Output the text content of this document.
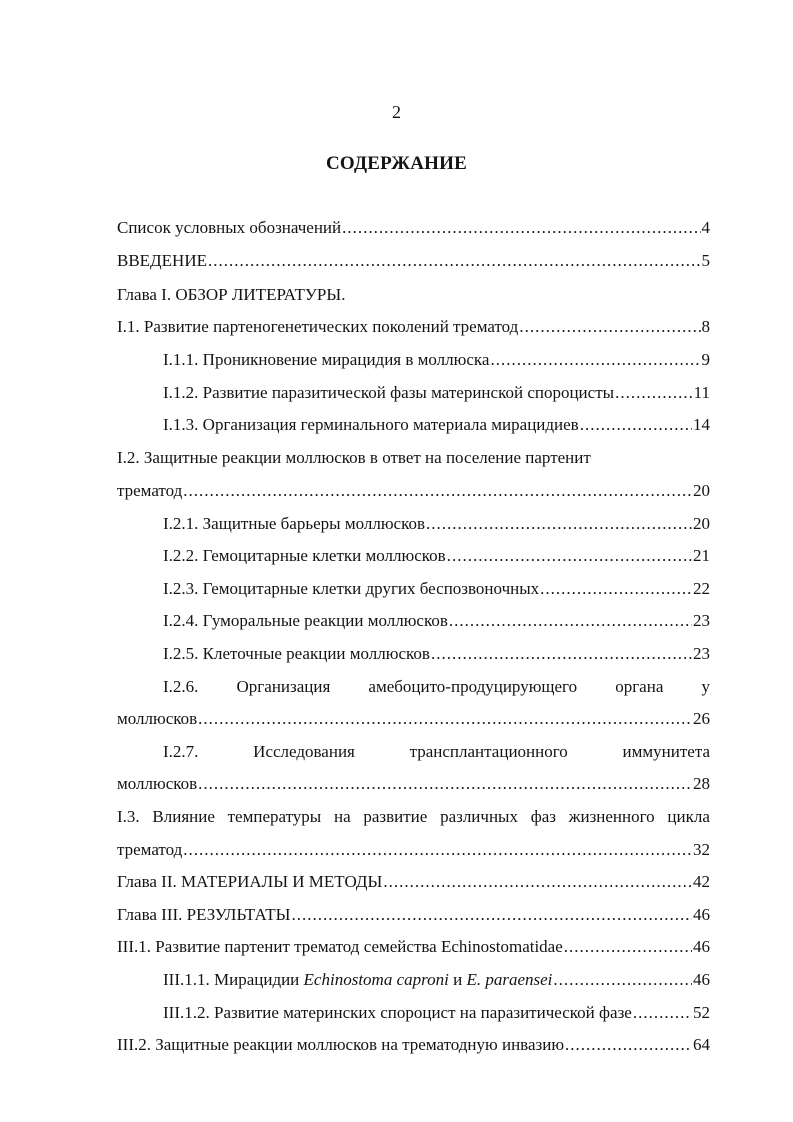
2
СОДЕРЖАНИЕ
Список условных обозначений .....	4
ВВЕДЕНИЕ .....	5
Глава I. ОБЗОР ЛИТЕРАТУРЫ.
I.1. Развитие партеногенетических поколений трематод .....	8
I.1.1. Проникновение мирацидия в моллюска .....	9
I.1.2. Развитие паразитической фазы материнской спороцисты .....	11
I.1.3. Организация герминального материала мирацидиев .....	14
I.2. Защитные реакции моллюсков в ответ на поселение партенит
трематод .....	20
I.2.1. Защитные барьеры моллюсков .....	20
I.2.2. Гемоцитарные клетки моллюсков .....	21
I.2.3. Гемоцитарные клетки других беспозвоночных .....	22
I.2.4. Гуморальные реакции моллюсков .....	23
I.2.5. Клеточные реакции моллюсков .....	23
I.2.6. Организация амебоцито-продуцирующего органа у
моллюсков .....	26
I.2.7.	Исследования	трансплантационного	иммунитета
моллюсков .....	28
I.3. Влияние температуры на развитие различных фаз жизненного цикла
трематод .....	32
Глава II. МАТЕРИАЛЫ И МЕТОДЫ .....	42
Глава III. РЕЗУЛЬТАТЫ .....	46
III.1. Развитие партенит трематод семейства Echinostomatidae .....	46
III.1.1. Мирацидии Echinostoma caproni и E. paraensei .....	46
III.1.2. Развитие материнских спороцист на паразитической фазе .....	52
III.2. Защитные реакции моллюсков на трематодную инвазию .....	64
